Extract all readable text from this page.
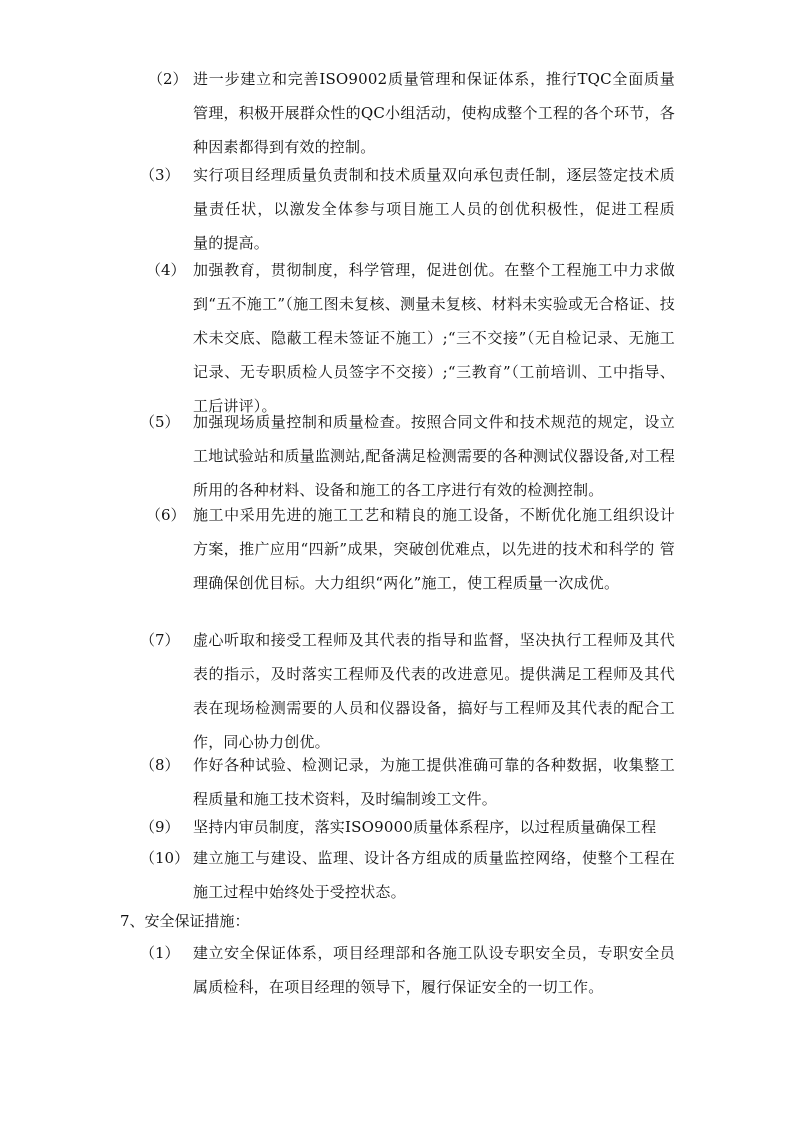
（2） 进一步建立和完善ISO9002质量管理和保证体系，推行TQC全面质量管理，积极开展群众性的QC小组活动，使构成整个工程的各个环节，各种因素都得到有效的控制。
（3） 实行项目经理质量负责制和技术质量双向承包责任制，逐层签定技术质量责任状，以激发全体参与项目施工人员的创优积极性，促进工程质　量的提高。
（4） 加强教育，贯彻制度，科学管理，促进创优。在整个工程施工中力求做到“五不施工”（施工图未复核、测量未复核、材料未实验或无合格证、技术未交底、隐蔽工程未签证不施工）;“三不交接”（无自检记录、无施工记录、无专职质检人员签字不交接）;“三教育”（工前培训、工中指导、工后讲评）。
（5） 加强现场质量控制和质量检查。按照合同文件和技术规范的规定，设立工地试验站和质量监测站,配备满足检测需要的各种测试仪器设备,对工程所用的各种材料、设备和施工的各工序进行有效的检测控制。
（6） 施工中采用先进的施工工艺和精良的施工设备，不断优化施工组织设计方案，推广应用“四新”成果，突破创优难点，以先进的技术和科学的 管理确保创优目标。大力组织“两化”施工，使工程质量一次成优。
（7） 虚心听取和接受工程师及其代表的指导和监督，坚决执行工程师及其代表的指示，及时落实工程师及代表的改进意见。提供满足工程师及其代表在现场检测需要的人员和仪器设备，搞好与工程师及其代表的配合工作，同心协力创优。
（8） 作好各种试验、检测记录，为施工提供准确可靠的各种数据，收集整工程质量和施工技术资料，及时编制竣工文件。
（9） 坚持内审员制度，落实ISO9000质量体系程序，以过程质量确保工程
（10） 建立施工与建设、监理、设计各方组成的质量监控网络，使整个工程在施工过程中始终处于受控状态。
7、安全保证措施：
（1） 建立安全保证体系，项目经理部和各施工队设专职安全员，专职安全员属质检科，在项目经理的领导下，履行保证安全的一切工作。
